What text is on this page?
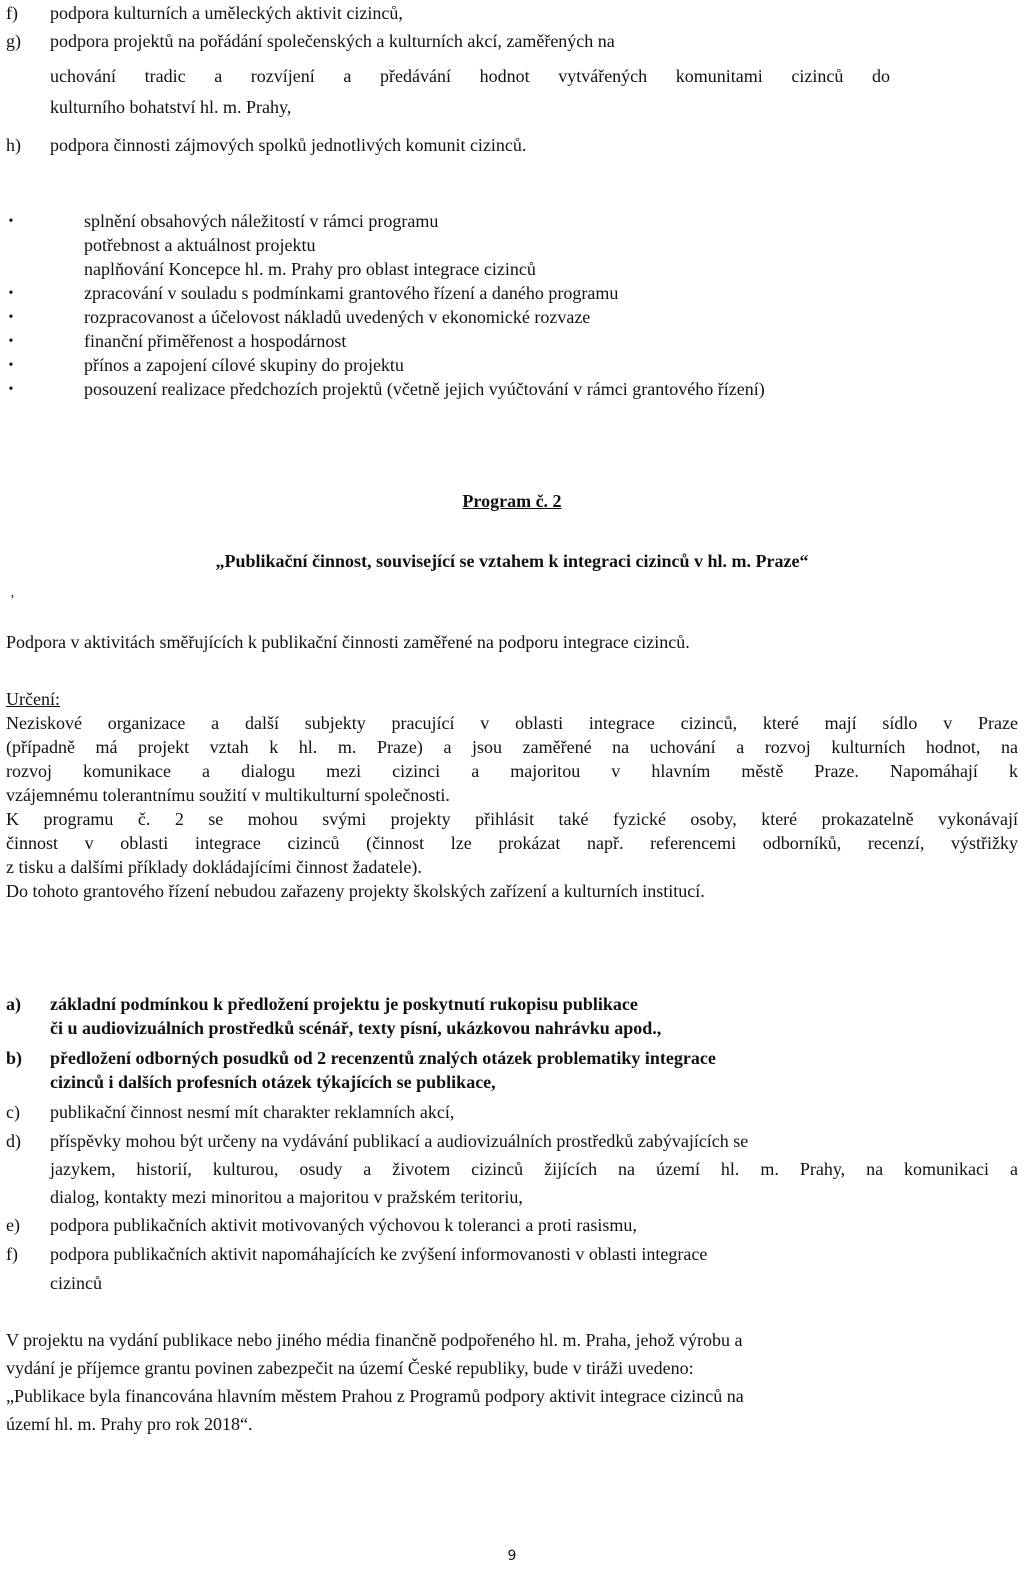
f)	podpora kulturních a uměleckých aktivit cizinců,
g)	podpora projektů na pořádání společenských a kulturních akcí, zaměřených na
uchování tradic a rozvíjení a předávání hodnot vytvářených komunitami cizinců do
kulturního bohatství hl. m. Prahy,
h)	podpora činnosti zájmových spolků jednotlivých komunit cizinců.
•	splnění obsahových náležitostí v rámci programu
potřebnost a aktuálnost projektu
naplňování Koncepce hl. m. Prahy pro oblast integrace cizinců
•	zpracování v souladu s podmínkami grantového řízení a daného programu
•	rozpracovanost a účelovost nákladů uvedených v ekonomické rozvaze
•	finanční přiměřenost a hospodárnost
•	přínos a zapojení cílové skupiny do projektu
•	posouzení realizace předchozích projektů (včetně jejich vyúčtování v rámci grantového řízení)
Program č. 2
„Publikační činnost, související se vztahem k integraci cizinců v hl. m. Praze“
ʼ
Podpora v aktivitách směřujících k publikační činnosti zaměřené na podporu integrace cizinců.
Určení:
Neziskové organizace a další subjekty pracující v oblasti integrace cizinců, které mají sídlo v Praze
(případně má projekt vztah k hl. m. Praze) a jsou zaměřené na uchování a rozvoj kulturních hodnot, na
rozvoj komunikace a dialogu mezi cizinci a majoritou v hlavním městě Praze. Napomáhají k
vzájemnému tolerantnímu soužití v multikulturní společnosti.
K programu č. 2 se mohou svými projekty přihlásit také fyzické osoby, které prokazatelně vykonávají
činnost v oblasti integrace cizinců (činnost lze prokázat např. referencemi odborníků, recenzí, výstřižky
z tisku a dalšími příklady dokládajícími činnost žadatele).
Do tohoto grantového řízení nebudou zařazeny projekty školských zařízení a kulturních institucí.
a)	základní podmínkou k předložení projektu je poskytnutí rukopisu publikace
či u audiovizuálních prostředků scénář, texty písní, ukázkovou nahrávku apod.,
b)	předložení odborných posudků od 2 recenzentů znalých otázek problematiky integrace
cizinců i dalších profesních otázek týkajících se publikace,
c)	publikační činnost nesmí mít charakter reklamních akcí,
d)	příspěvky mohou být určeny na vydávání publikací a audiovizuálních prostředků zabývajících se
jazykem, historií, kulturou, osudy a životem cizinců žijících na území hl. m. Prahy, na komunikaci a
dialog, kontakty mezi minoritou a majoritou v pražském teritoriu,
e)	podpora publikačních aktivit motivovaných výchovou k toleranci a proti rasismu,
f)	podpora publikačních aktivit napomáhajících ke zvýšení informovanosti v oblasti integrace
cizinců
V projektu na vydání publikace nebo jiného média finančně podpořeného hl. m. Praha, jehož výrobu a
vydání je příjemce grantu povinen zabezpečit na území České republiky, bude v tiráži uvedeno:
„Publikace byla financována hlavním městem Prahou z Programů podpory aktivit integrace cizinců na
území hl. m. Prahy pro rok 2018“.
9
